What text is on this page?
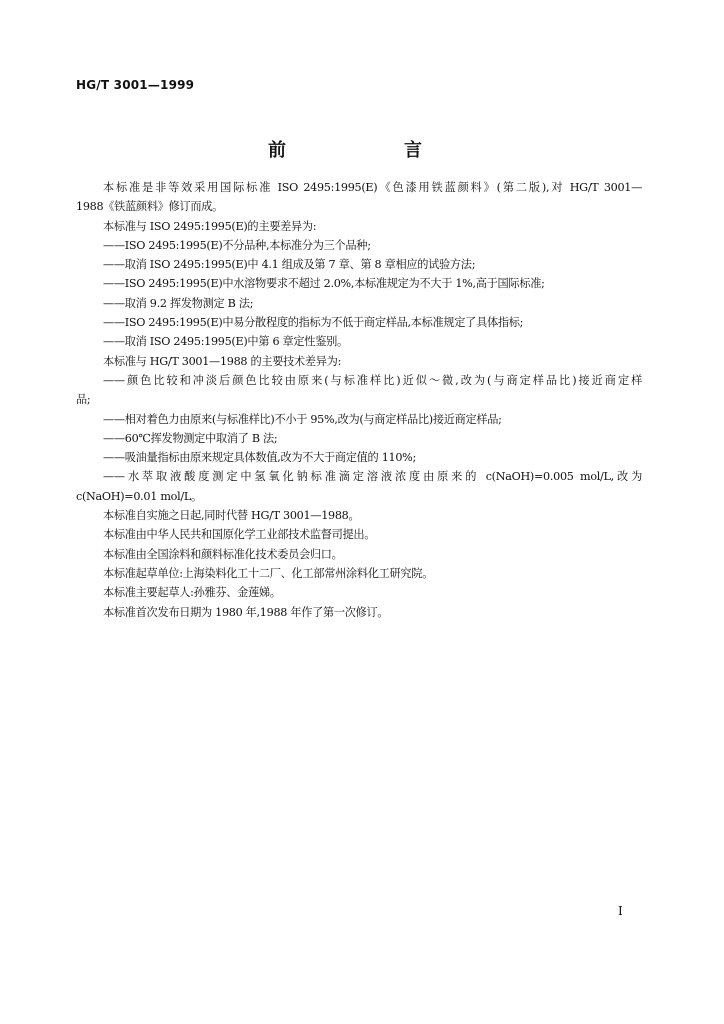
HG/T 3001—1999
前　言

本标准是非等效采用国际标准 ISO 2495:1995(E)《色漆用铁蓝颜料》(第二版),对 HG/T 3001—

1988《铁蓝颜料》修订而成。

本标准与 ISO 2495:1995(E)的主要差异为:

——ISO 2495:1995(E)不分品种,本标准分为三个品种;

——取消 ISO 2495:1995(E)中 4.1 组成及第 7 章、第 8 章相应的试验方法;

——ISO 2495:1995(E)中水溶物要求不超过 2.0%,本标准规定为不大于 1%,高于国际标准;

——取消 9.2 挥发物测定 B 法;

——ISO 2495:1995(E)中易分散程度的指标为不低于商定样品,本标准规定了具体指标;

——取消 ISO 2495:1995(E)中第 6 章定性鉴别。

本标准与 HG/T 3001—1988 的主要技术差异为:

——颜色比较和冲淡后颜色比较由原来(与标准样比)近似～微,改为(与商定样品比)接近商定样

品;

——相对着色力由原来(与标准样比)不小于 95%,改为(与商定样品比)接近商定样品;

——60℃挥发物测定中取消了 B 法;

——吸油量指标由原来规定具体数值,改为不大于商定值的 110%;

——水萃取液酸度测定中氢氧化钠标准滴定溶液浓度由原来的 c(NaOH)=0.005 mol/L,改为

c(NaOH)=0.01 mol/L。

本标准自实施之日起,同时代替 HG/T 3001—1988。

本标准由中华人民共和国原化学工业部技术监督司提出。

本标准由全国涂料和颜料标准化技术委员会归口。

本标准起草单位:上海染料化工十二厂、化工部常州涂料化工研究院。

本标准主要起草人:孙雅芬、金莲娣。

本标准首次发布日期为 1980 年,1988 年作了第一次修订。

I
